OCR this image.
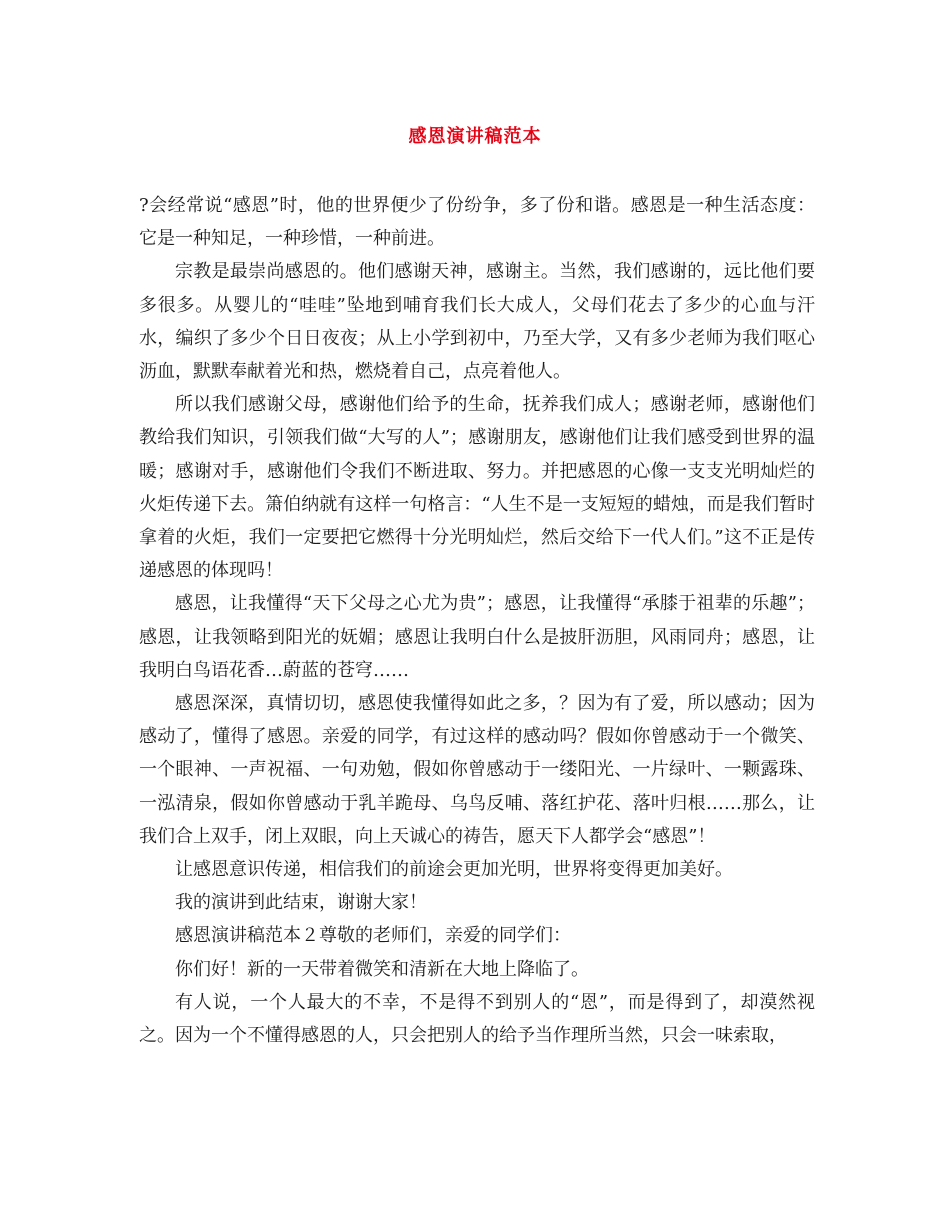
感恩演讲稿范本

?会经常说“感恩”时，他的世界便少了份纷争，多了份和谐。感恩是一种生活态度：它是一种知足，一种珍惜，一种前进。

宗教是最崇尚感恩的。他们感谢天神，感谢主。当然，我们感谢的，远比他们要多很多。从婴儿的“哇哇”坠地到哺育我们长大成人，父母们花去了多少的心血与汗水，编织了多少个日日夜夜；从上小学到初中，乃至大学，又有多少老师为我们呕心沥血，默默奉献着光和热，燃烧着自己，点亮着他人。

所以我们感谢父母，感谢他们给予的生命，抚养我们成人；感谢老师，感谢他们教给我们知识，引领我们做“大写的人”；感谢朋友，感谢他们让我们感受到世界的温暖；感谢对手，感谢他们令我们不断进取、努力。并把感恩的心像一支支光明灿烂的火炬传递下去。箫伯纳就有这样一句格言：“人生不是一支短短的蜡烛，而是我们暂时拿着的火炬，我们一定要把它燃得十分光明灿烂，然后交给下一代人们。”这不正是传递感恩的体现吗！

感恩，让我懂得“天下父母之心尤为贵”；感恩，让我懂得“承膝于祖辈的乐趣”；感恩，让我领略到阳光的妩媚；感恩让我明白什么是披肝沥胆，风雨同舟；感恩，让我明白鸟语花香…蔚蓝的苍穹……

感恩深深，真情切切，感恩使我懂得如此之多，？因为有了爱，所以感动；因为感动了，懂得了感恩。亲爱的同学，有过这样的感动吗？假如你曾感动于一个微笑、一个眼神、一声祝福、一句劝勉，假如你曾感动于一缕阳光、一片绿叶、一颗露珠、一泓清泉，假如你曾感动于乳羊跪母、乌鸟反哺、落红护花、落叶归根……那么，让我们合上双手，闭上双眼，向上天诚心的祷告，愿天下人都学会“感恩”！

让感恩意识传递，相信我们的前途会更加光明，世界将变得更加美好。

我的演讲到此结束，谢谢大家！

感恩演讲稿范本２尊敬的老师们，亲爱的同学们：

你们好！新的一天带着微笑和清新在大地上降临了。

有人说，一个人最大的不幸，不是得不到别人的“恩”，而是得到了，却漠然视之。因为一个不懂得感恩的人，只会把别人的给予当作理所当然，只会一味索取，
